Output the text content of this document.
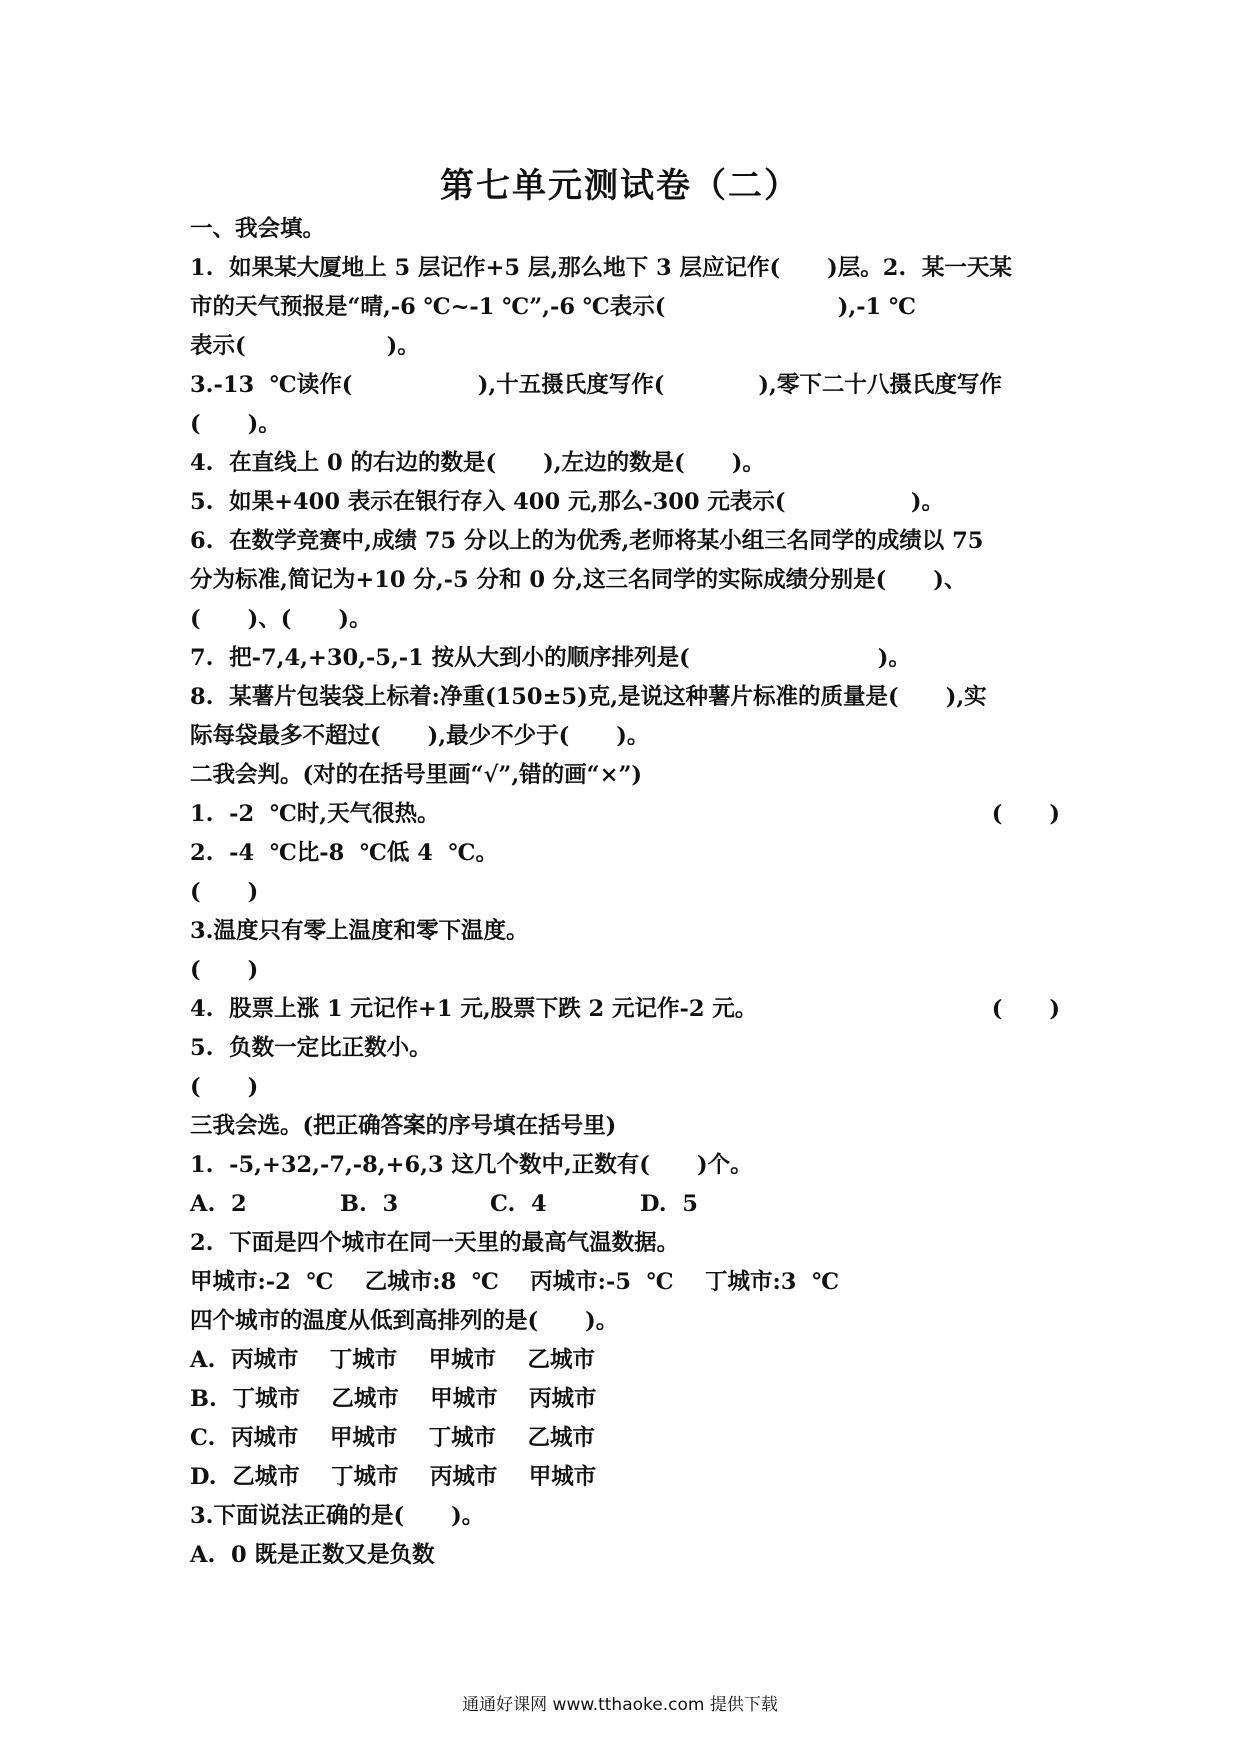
第七单元测试卷（二）
一、我会填。
1.  如果某大厦地上 5 层记作+5 层,那么地下 3 层应记作(      )层。2.  某一天某
市的天气预报是“晴,-6 ℃~-1 ℃”,-6 ℃表示(                      ),-1 ℃
表示(                  )。
3.-13  ℃读作(                ),十五摄氏度写作(            ),零下二十八摄氏度写作
(      )。
4.  在直线上 0 的右边的数是(      ),左边的数是(      )。
5.  如果+400 表示在银行存入 400 元,那么-300 元表示(                )。
6.  在数学竞赛中,成绩 75 分以上的为优秀,老师将某小组三名同学的成绩以 75
分为标准,简记为+10 分,-5 分和 0 分,这三名同学的实际成绩分别是(      )、
(      )、(      )。
7.  把-7,4,+30,-5,-1 按从大到小的顺序排列是(                        )。
8.  某薯片包装袋上标着:净重(150±5)克,是说这种薯片标准的质量是(      ),实
际每袋最多不超过(      ),最少不少于(      )。
二我会判。(对的在括号里画“√”,错的画“×”)
1.  -2  ℃时,天气很热。	(      )
2.  -4  ℃比-8  ℃低 4  ℃。
(      )
3.温度只有零上温度和零下温度。
(      )
4.  股票上涨 1 元记作+1 元,股票下跌 2 元记作-2 元。	(      )
5.  负数一定比正数小。
(      )
三我会选。(把正确答案的序号填在括号里)
1.  -5,+32,-7,-8,+6,3 这几个数中,正数有(      )个。
A.  2	B.  3	C.  4	D.  5
2.  下面是四个城市在同一天里的最高气温数据。
甲城市:-2  ℃    乙城市:8  ℃    丙城市:-5  ℃    丁城市:3  ℃
四个城市的温度从低到高排列的是(      )。
A.  丙城市    丁城市    甲城市    乙城市
B.  丁城市    乙城市    甲城市    丙城市
C.  丙城市    甲城市    丁城市    乙城市
D.  乙城市    丁城市    丙城市    甲城市
3.下面说法正确的是(      )。
A.  0 既是正数又是负数
通通好课网 www.tthaoke.com 提供下载
